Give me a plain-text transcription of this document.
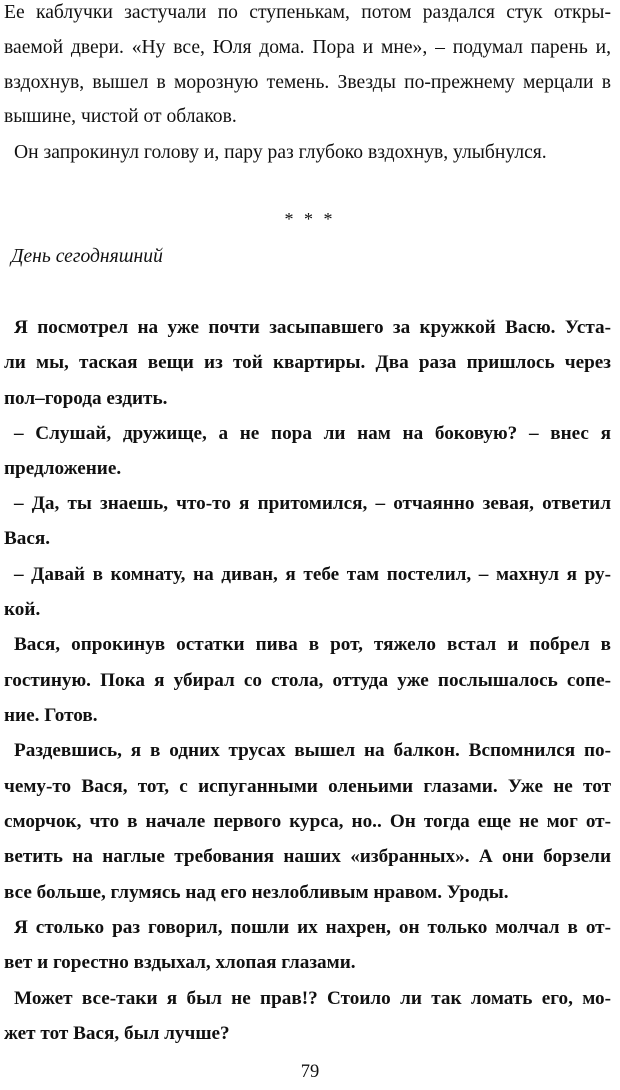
Ее каблучки застучали по ступенькам, потом раздался стук откры-
ваемой двери. «Ну все, Юля дома. Пора и мне», – подумал парень и,
вздохнув, вышел в морозную темень. Звезды по-прежнему мерцали в
вышине, чистой от облаков.
Он запрокинул голову и, пару раз глубоко вздохнув, улыбнулся.
* * *
День сегодняшний
Я посмотрел на уже почти засыпавшего за кружкой Васю. Уста-
ли мы, таская вещи из той квартиры. Два раза пришлось через
пол–города ездить.
– Слушай, дружище, а не пора ли нам на боковую? – внес я
предложение.
– Да, ты знаешь, что-то я притомился, – отчаянно зевая, ответил
Вася.
– Давай в комнату, на диван, я тебе там постелил, – махнул я ру-
кой.
Вася, опрокинув остатки пива в рот, тяжело встал и побрел в
гостиную. Пока я убирал со стола, оттуда уже послышалось сопе-
ние. Готов.
Раздевшись, я в одних трусах вышел на балкон. Вспомнился по-
чему-то Вася, тот, с испуганными оленьими глазами. Уже не тот
сморчок, что в начале первого курса, но.. Он тогда еще не мог от-
ветить на наглые требования наших «избранных». А они борзели
все больше, глумясь над его незлобливым нравом. Уроды.
Я столько раз говорил, пошли их нахрен, он только молчал в от-
вет и горестно вздыхал, хлопая глазами.
Может все-таки я был не прав!? Стоило ли так ломать его, мо-
жет тот Вася, был лучше?
79
